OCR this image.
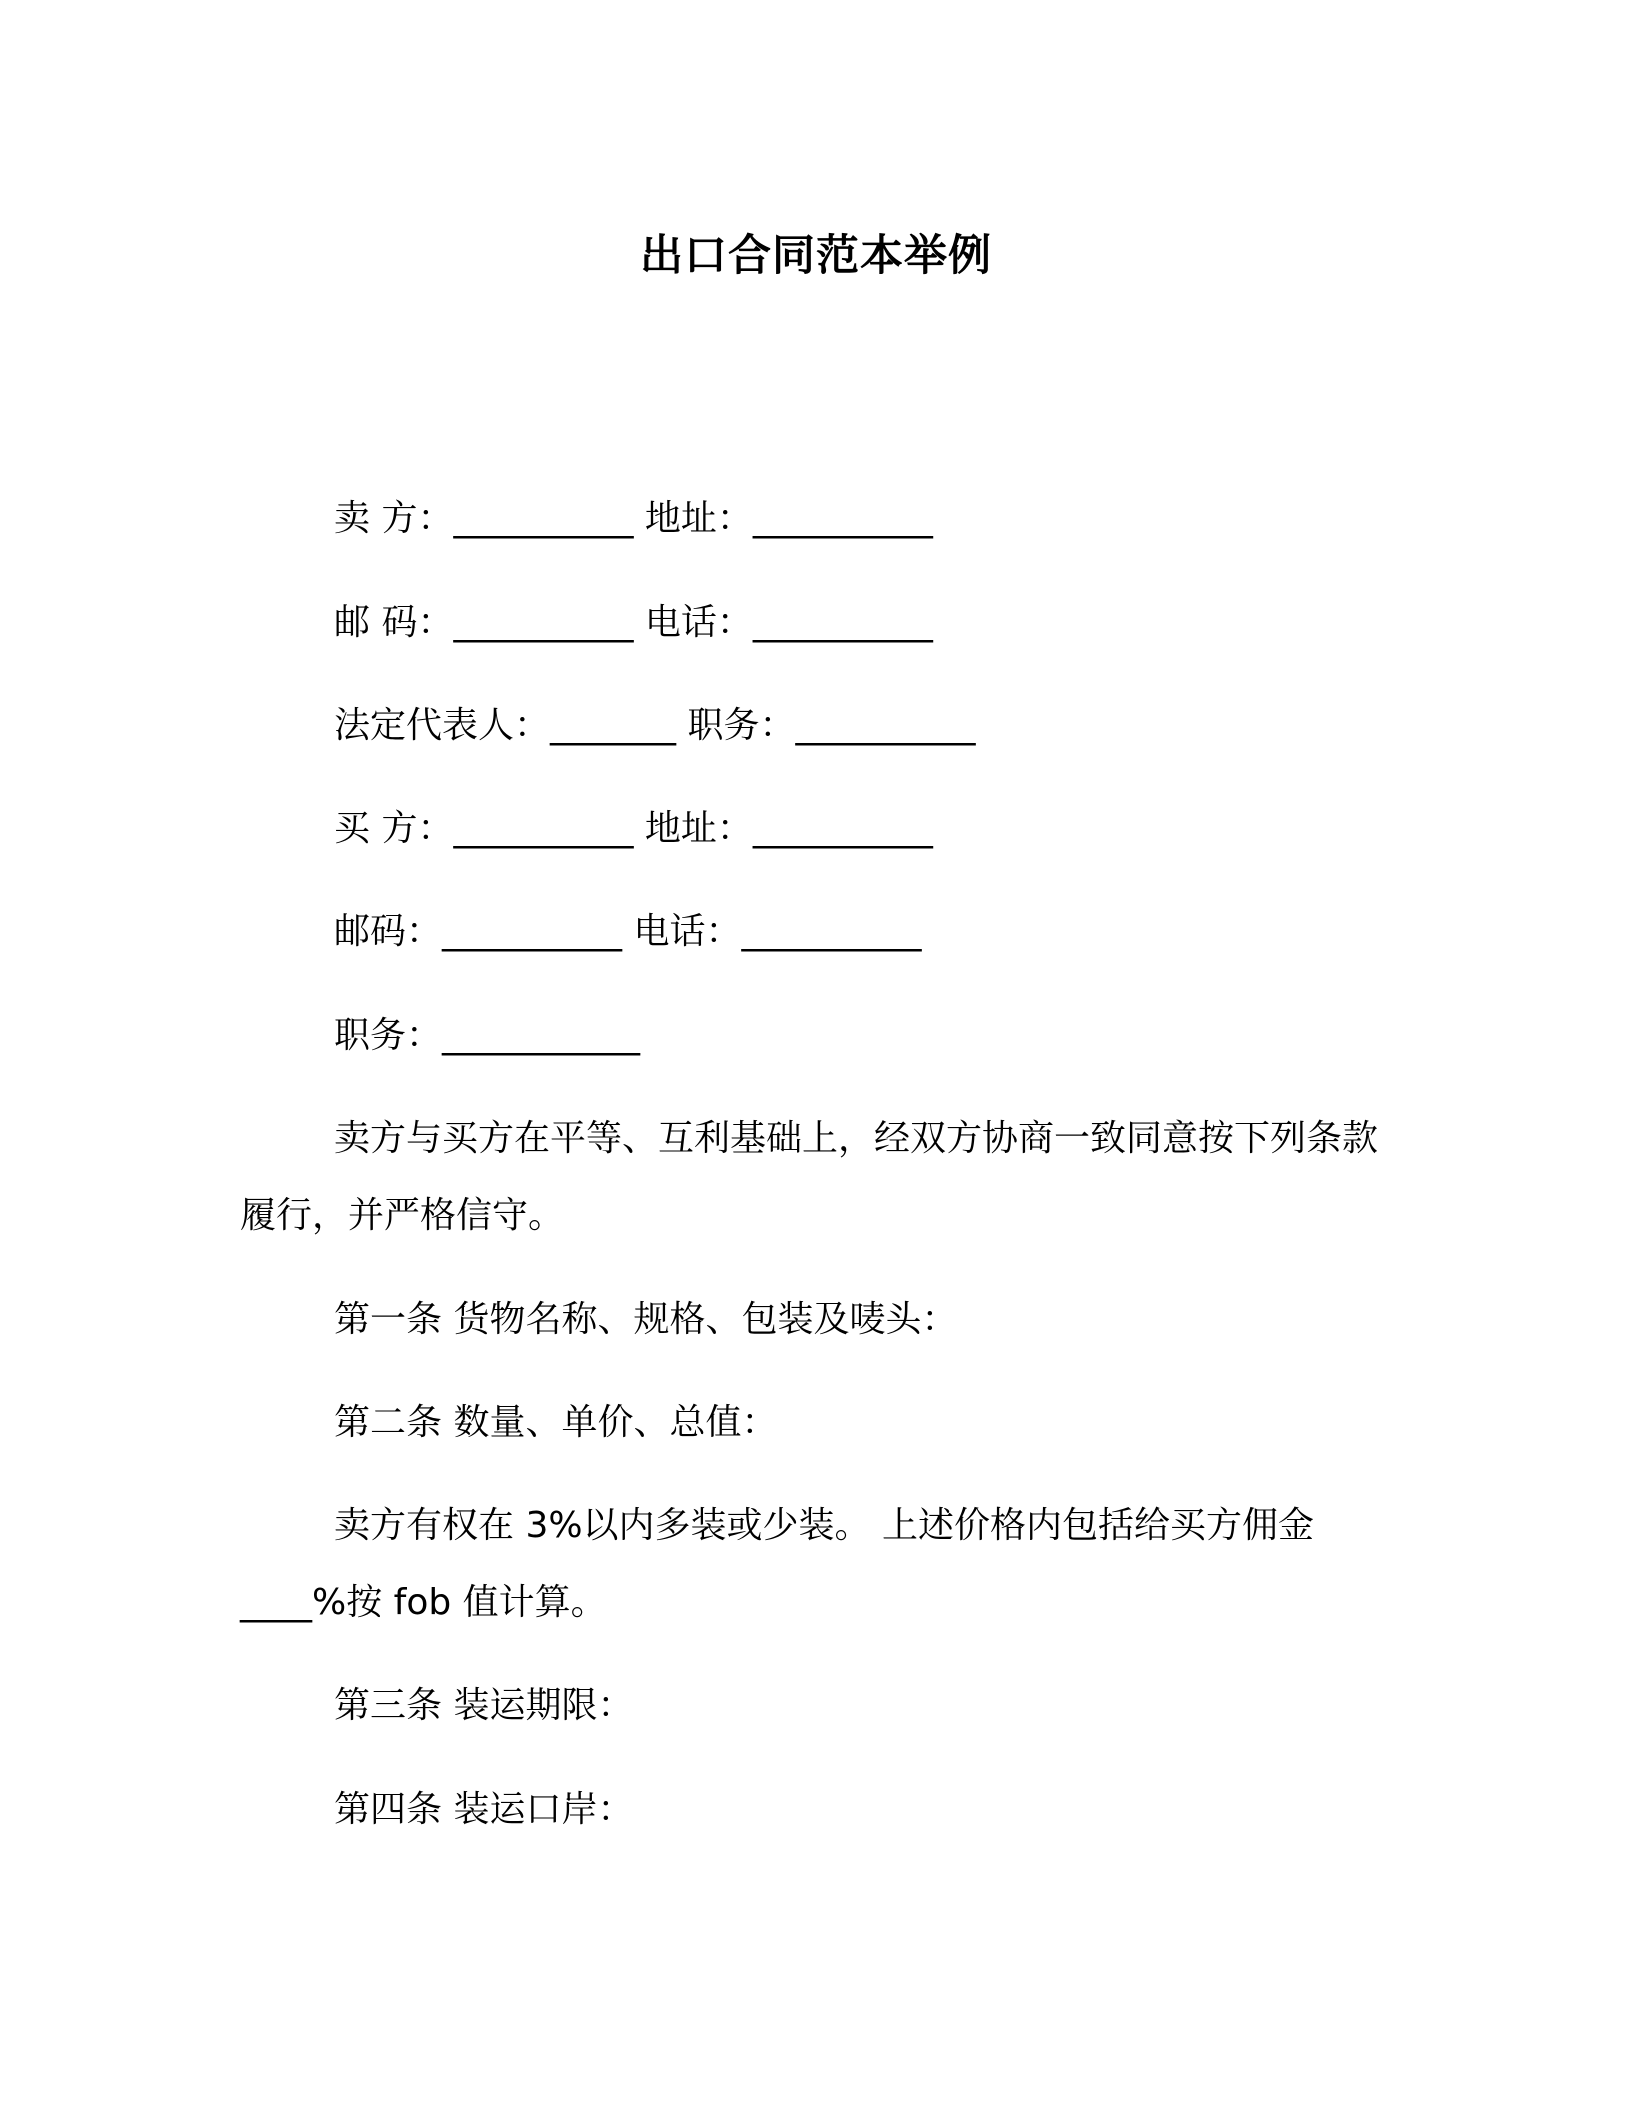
出口合同范本举例
卖 方：__________ 地址：__________
邮 码：__________ 电话：__________
法定代表人：_______ 职务：__________
买 方：__________ 地址：__________
邮码：__________ 电话：__________
职务：___________
卖方与买方在平等、互利基础上，经双方协商一致同意按下列条款履行，并严格信守。
第一条 货物名称、规格、包装及唛头：
第二条 数量、单价、总值：
卖方有权在 3%以内多装或少装。 上述价格内包括给买方佣金____%按 fob 值计算。
第三条 装运期限：
第四条 装运口岸：
